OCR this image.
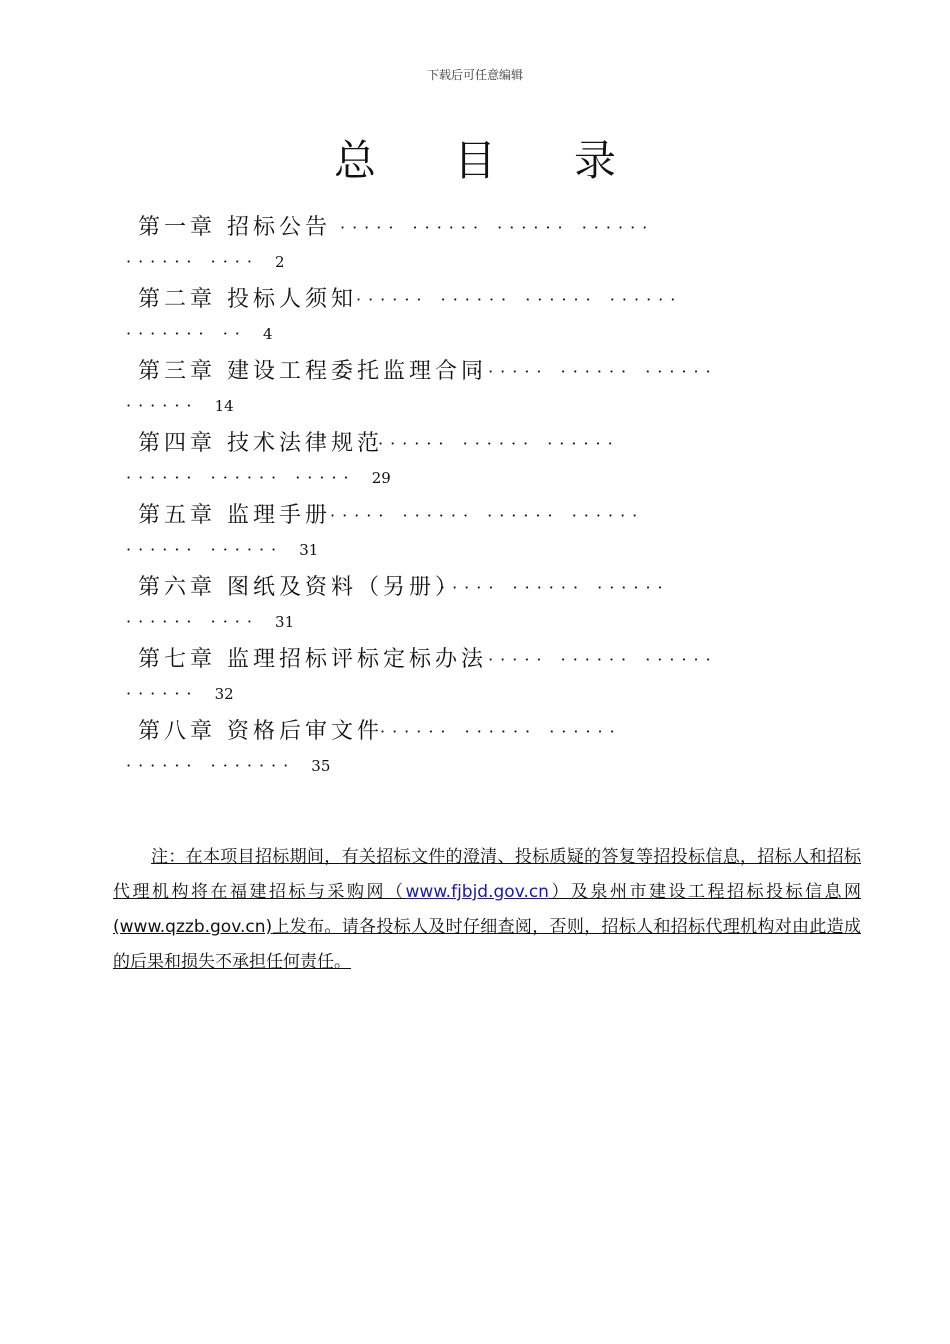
下载后可任意编辑
总目录
第一章 招标公告 ····· ······ ······ ······
······ ···· 2
第二章 投标人须知 ······ ······ ······ ······
······· ·· 4
第三章 建设工程委托监理合同
······ ······ ······
······ 14
第四章 技术法律规范
······ ······ ······
······ ······ ····· 29
第五章 监理手册 ····· ······ ······ ······
······ ······ 31
第六章 图纸及资料（另册）
····· ······ ······
······ ···· 31
第七章 监理招标评标定标办法
······ ······ ······
······ 32
第八章 资格后审文件
······ ······ ······
······ ······· 35
注：在本项目招标期间，有关招标文件的澄清、投标质疑的答复等招投标信息，招标人和招标代理机构将在福建招标与采购网（www.fjbjd.gov.cn）及泉州市建设工程招标投标信息网(www.qzzb.gov.cn)上发布。请各投标人及时仔细查阅，否则，招标人和招标代理机构对由此造成的后果和损失不承担任何责任。
